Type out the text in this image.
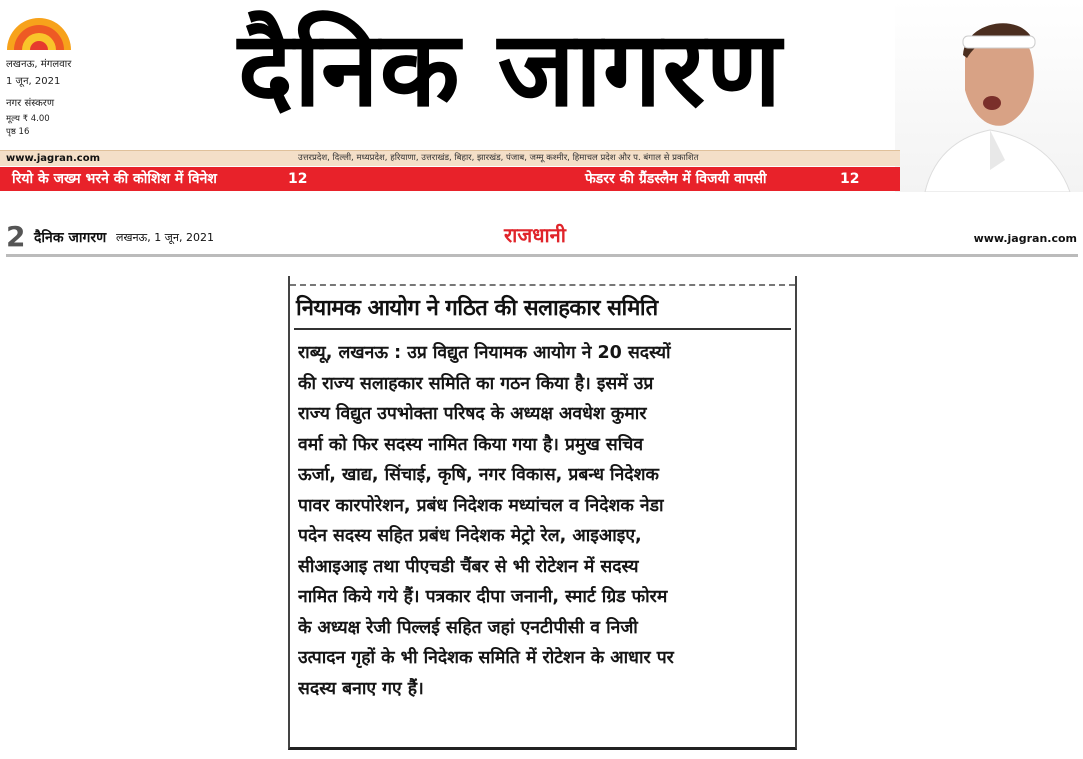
लखनऊ, मंगलवार
1 जून, 2021
नगर संस्करण
मूल्य ₹ 4.00
पृष्ठ 16
दैनिक जागरण
www.jagran.com	उत्तरप्रदेश, दिल्ली, मध्यप्रदेश, हरियाणा, उत्तराखंड, बिहार, झारखंड, पंजाब, जम्मू कश्मीर, हिमाचल प्रदेश और प. बंगाल से प्रकाशित
रियो के जख्म भरने की कोशिश में विनेश	12	फेडरर की ग्रैंडस्लैम में विजयी वापसी	12
2 दैनिक जागरण लखनऊ, 1 जून, 2021	राजधानी	www.jagran.com
नियामक आयोग ने गठित की सलाहकार समिति
राब्यू, लखनऊ : उप्र विद्युत नियामक आयोग ने 20 सदस्यों
की राज्य सलाहकार समिति का गठन किया है। इसमें उप्र
राज्य विद्युत उपभोक्ता परिषद के अध्यक्ष अवधेश कुमार
वर्मा को फिर सदस्य नामित किया गया है। प्रमुख सचिव
ऊर्जा, खाद्य, सिंचाई, कृषि, नगर विकास, प्रबन्ध निदेशक
पावर कारपोरेशन, प्रबंध निदेशक मध्यांचल व निदेशक नेडा
पदेन सदस्य सहित प्रबंध निदेशक मेट्रो रेल, आइआइए,
सीआइआइ तथा पीएचडी चैंबर से भी रोटेशन में सदस्य
नामित किये गये हैं। पत्रकार दीपा जनानी, स्मार्ट ग्रिड फोरम
के अध्यक्ष रेजी पिल्लई सहित जहां एनटीपीसी व निजी
उत्पादन गृहों के भी निदेशक समिति में रोटेशन के आधार पर
सदस्य बनाए गए हैं।
